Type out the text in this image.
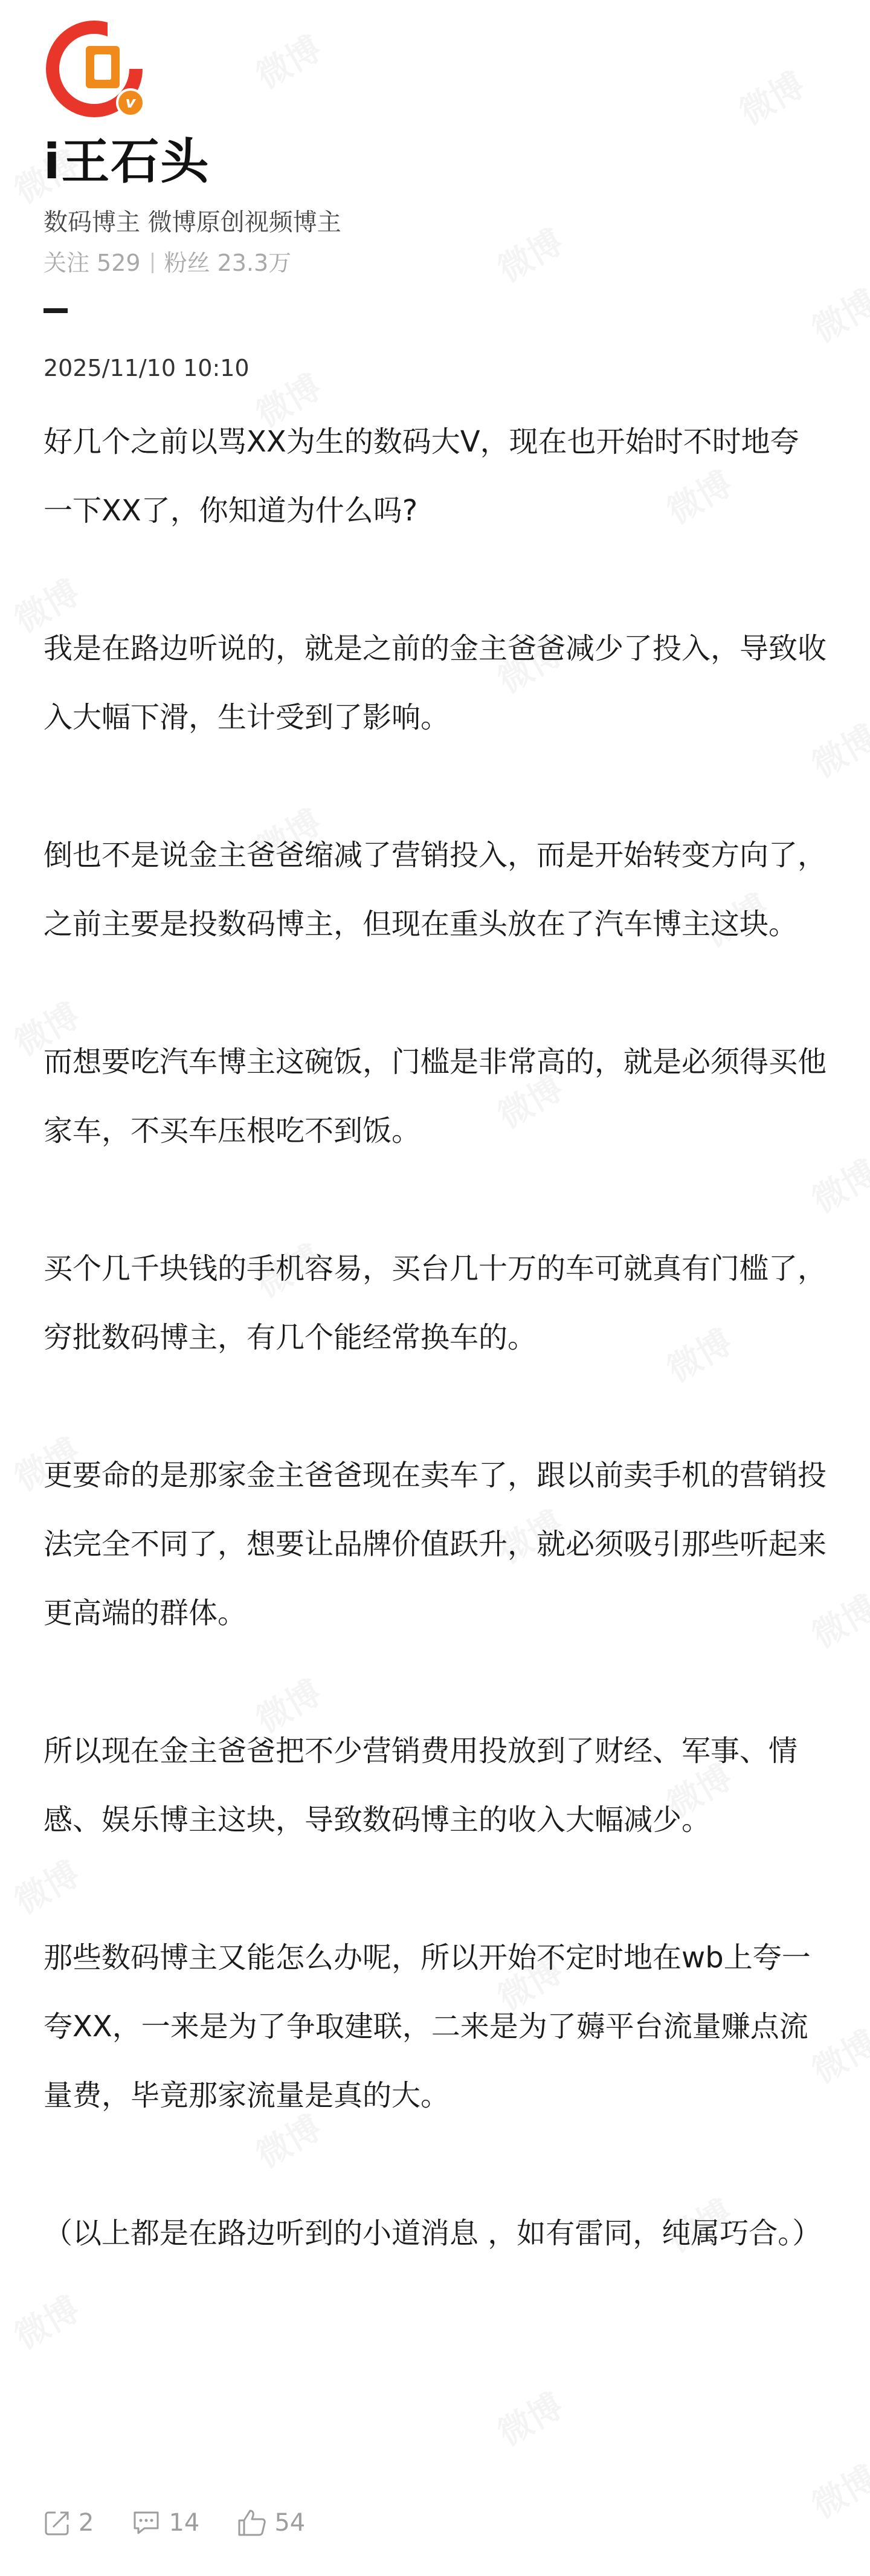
v
i王石头
数码博主 微博原创视频博主
关注 529 粉丝 23.3万
2025/11/10 10:10

好几个之前以骂XX为生的数码大V，现在也开始时不时地夸一下XX了，你知道为什么吗?

我是在路边听说的，就是之前的金主爸爸减少了投入，导致收入大幅下滑，生计受到了影响。

倒也不是说金主爸爸缩减了营销投入，而是开始转变方向了，之前主要是投数码博主，但现在重头放在了汽车博主这块。

而想要吃汽车博主这碗饭，门槛是非常高的，就是必须得买他家车，不买车压根吃不到饭。

买个几千块钱的手机容易，买台几十万的车可就真有门槛了，穷批数码博主，有几个能经常换车的。

更要命的是那家金主爸爸现在卖车了，跟以前卖手机的营销投法完全不同了，想要让品牌价值跃升，就必须吸引那些听起来更高端的群体。

所以现在金主爸爸把不少营销费用投放到了财经、军事、情感、娱乐博主这块，导致数码博主的收入大幅减少。

那些数码博主又能怎么办呢，所以开始不定时地在wb上夸一夸XX，一来是为了争取建联，二来是为了薅平台流量赚点流量费，毕竟那家流量是真的大。

（以上都是在路边听到的小道消息 ，如有雷同，纯属巧合。）

2	14	54
